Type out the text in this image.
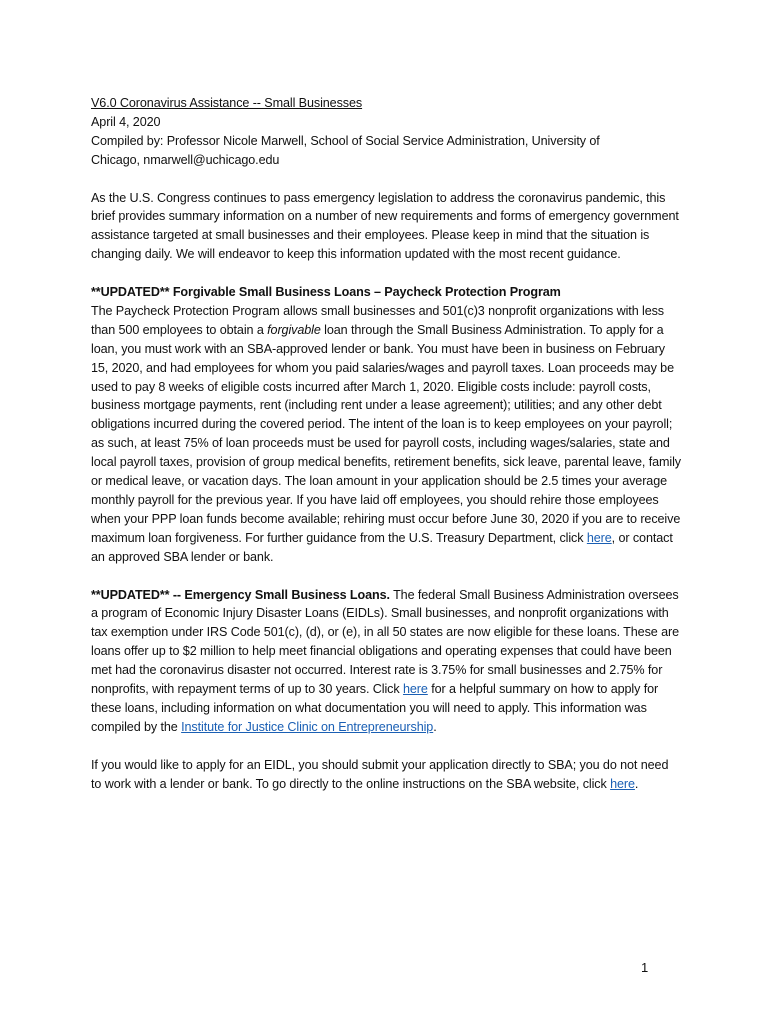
V6.0 Coronavirus Assistance -- Small Businesses
April 4, 2020
Compiled by: Professor Nicole Marwell, School of Social Service Administration, University of
Chicago, nmarwell@uchicago.edu

As the U.S. Congress continues to pass emergency legislation to address the coronavirus pandemic, this brief provides summary information on a number of new requirements and forms of emergency government assistance targeted at small businesses and their employees. Please keep in mind that the situation is changing daily. We will endeavor to keep this information updated with the most recent guidance.

**UPDATED** Forgivable Small Business Loans – Paycheck Protection Program
The Paycheck Protection Program allows small businesses and 501(c)3 nonprofit organizations with less than 500 employees to obtain a forgivable loan through the Small Business Administration. To apply for a loan, you must work with an SBA-approved lender or bank. You must have been in business on February 15, 2020, and had employees for whom you paid salaries/wages and payroll taxes. Loan proceeds may be used to pay 8 weeks of eligible costs incurred after March 1, 2020. Eligible costs include: payroll costs, business mortgage payments, rent (including rent under a lease agreement); utilities; and any other debt obligations incurred during the covered period. The intent of the loan is to keep employees on your payroll; as such, at least 75% of loan proceeds must be used for payroll costs, including wages/salaries, state and local payroll taxes, provision of group medical benefits, retirement benefits, sick leave, parental leave, family or medical leave, or vacation days. The loan amount in your application should be 2.5 times your average monthly payroll for the previous year. If you have laid off employees, you should rehire those employees when your PPP loan funds become available; rehiring must occur before June 30, 2020 if you are to receive maximum loan forgiveness. For further guidance from the U.S. Treasury Department, click here, or contact an approved SBA lender or bank.

**UPDATED** -- Emergency Small Business Loans. The federal Small Business Administration oversees a program of Economic Injury Disaster Loans (EIDLs). Small businesses, and nonprofit organizations with tax exemption under IRS Code 501(c), (d), or (e), in all 50 states are now eligible for these loans. These are loans offer up to $2 million to help meet financial obligations and operating expenses that could have been met had the coronavirus disaster not occurred. Interest rate is 3.75% for small businesses and 2.75% for nonprofits, with repayment terms of up to 30 years. Click here for a helpful summary on how to apply for these loans, including information on what documentation you will need to apply. This information was compiled by the Institute for Justice Clinic on Entrepreneurship.

If you would like to apply for an EIDL, you should submit your application directly to SBA; you do not need to work with a lender or bank. To go directly to the online instructions on the SBA website, click here.

1
